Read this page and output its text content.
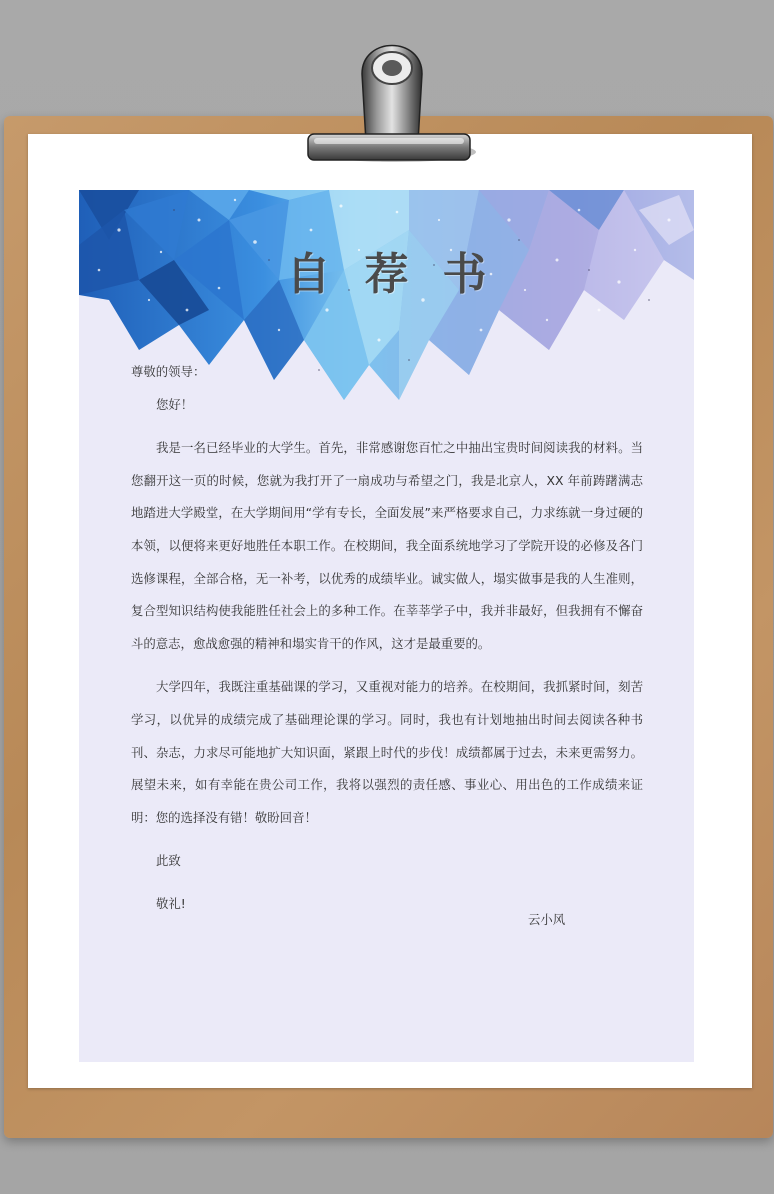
自荐书

尊敬的领导：

您好！

我是一名已经毕业的大学生。首先，非常感谢您百忙之中抽出宝贵时间阅读我的材料。当您翻开这一页的时候，您就为我打开了一扇成功与希望之门，我是北京人，XX 年前踌躇满志地踏进大学殿堂，在大学期间用“学有专长，全面发展”来严格要求自己，力求练就一身过硬的本领，以便将来更好地胜任本职工作。在校期间，我全面系统地学习了学院开设的必修及各门选修课程，全部合格，无一补考，以优秀的成绩毕业。诚实做人，塌实做事是我的人生准则，复合型知识结构使我能胜任社会上的多种工作。在莘莘学子中，我并非最好，但我拥有不懈奋斗的意志，愈战愈强的精神和塌实肯干的作风，这才是最重要的。

大学四年，我既注重基础课的学习，又重视对能力的培养。在校期间，我抓紧时间，刻苦学习，以优异的成绩完成了基础理论课的学习。同时，我也有计划地抽出时间去阅读各种书刊、杂志，力求尽可能地扩大知识面，紧跟上时代的步伐！成绩都属于过去，未来更需努力。展望未来，如有幸能在贵公司工作，我将以强烈的责任感、事业心、用出色的工作成绩来证明：您的选择没有错！敬盼回音！

此致

敬礼!

云小风
